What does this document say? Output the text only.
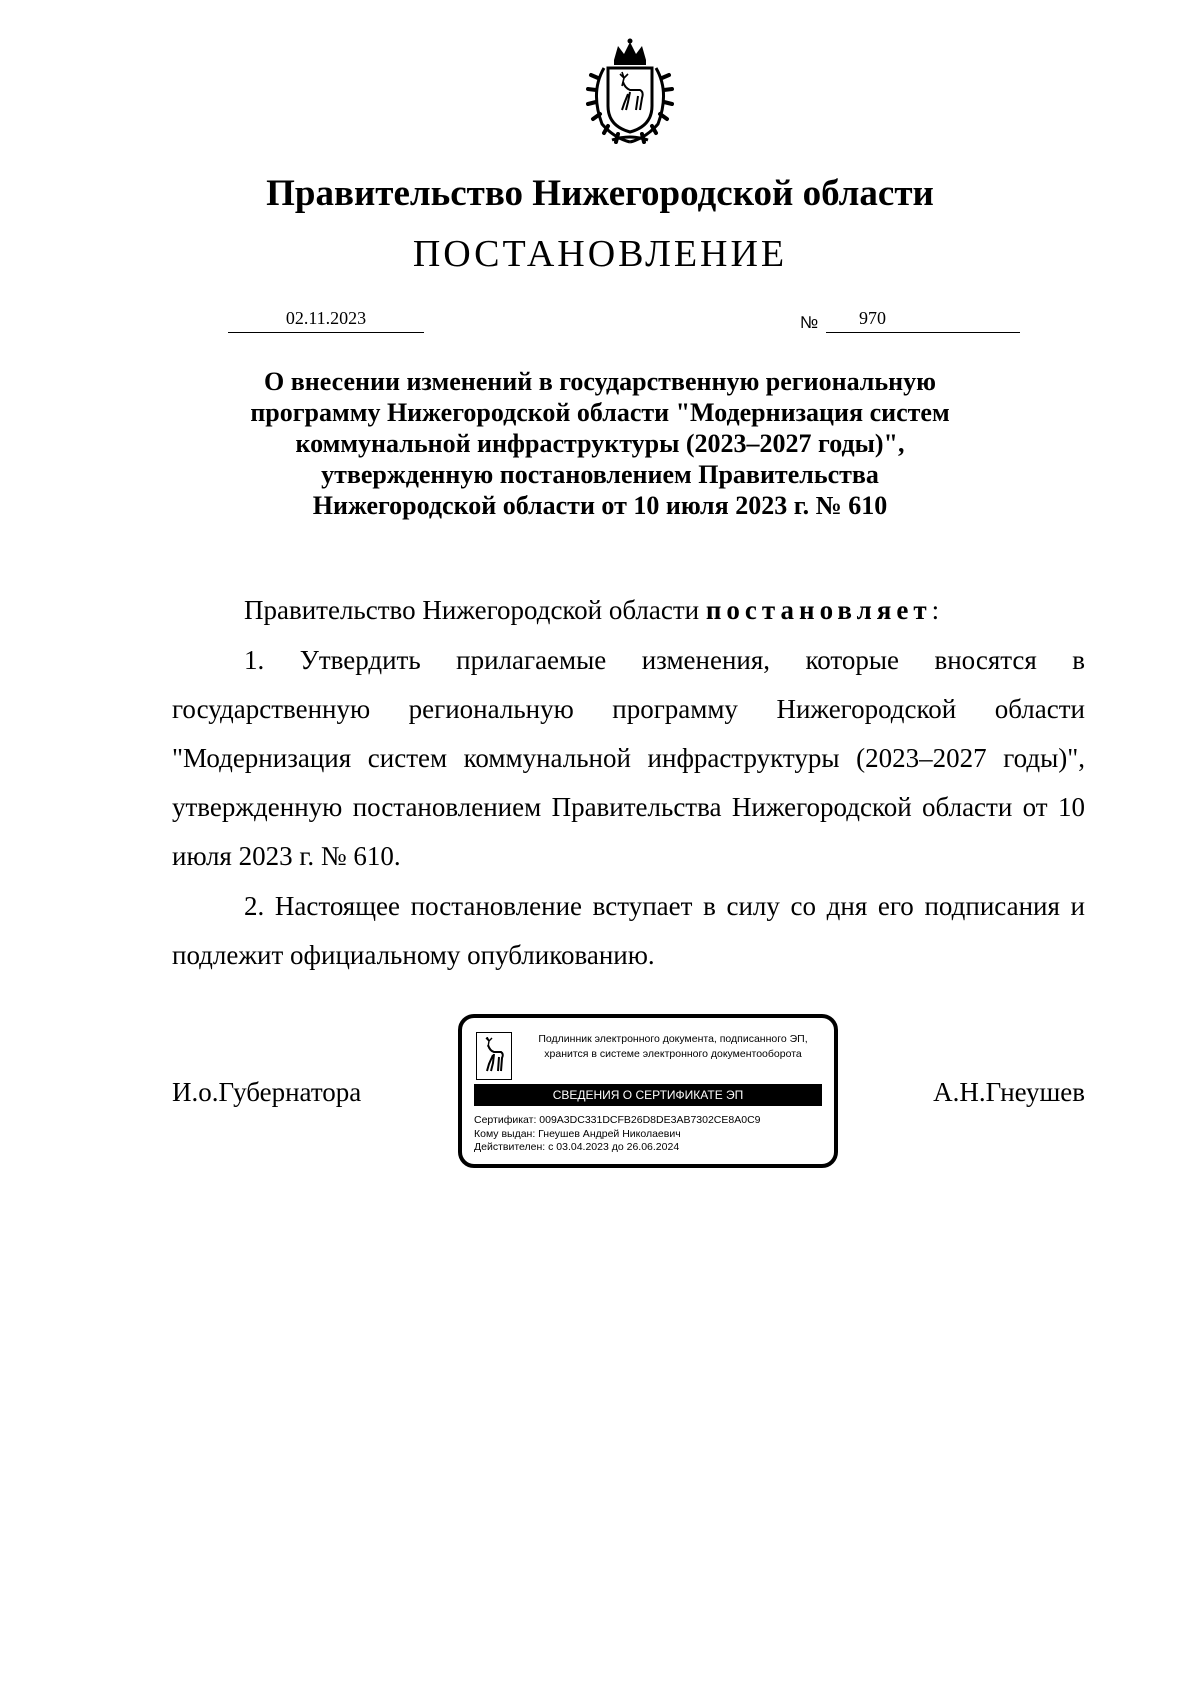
Правительство Нижегородской области
ПОСТАНОВЛЕНИЕ
02.11.2023	№	970
О внесении изменений в государственную региональную
программу Нижегородской области "Модернизация систем
коммунальной инфраструктуры (2023–2027 годы)",
утвержденную постановлением Правительства
Нижегородской области от 10 июля 2023 г. № 610
Правительство Нижегородской области постановляет:
1. Утвердить прилагаемые изменения, которые вносятся в государственную региональную программу Нижегородской области "Модернизация систем коммунальной инфраструктуры (2023–2027 годы)", утвержденную постановлением Правительства Нижегородской области от 10 июля 2023 г. № 610.
2. Настоящее постановление вступает в силу со дня его подписания и подлежит официальному опубликованию.
И.о.Губернатора	А.Н.Гнеушев
Подлинник электронного документа, подписанного ЭП,
хранится в системе электронного документооборота
СВЕДЕНИЯ О СЕРТИФИКАТЕ ЭП
Сертификат: 009A3DC331DCFB26D8DE3AB7302CE8A0C9
Кому выдан: Гнеушев Андрей Николаевич
Действителен: с 03.04.2023 до 26.06.2024
